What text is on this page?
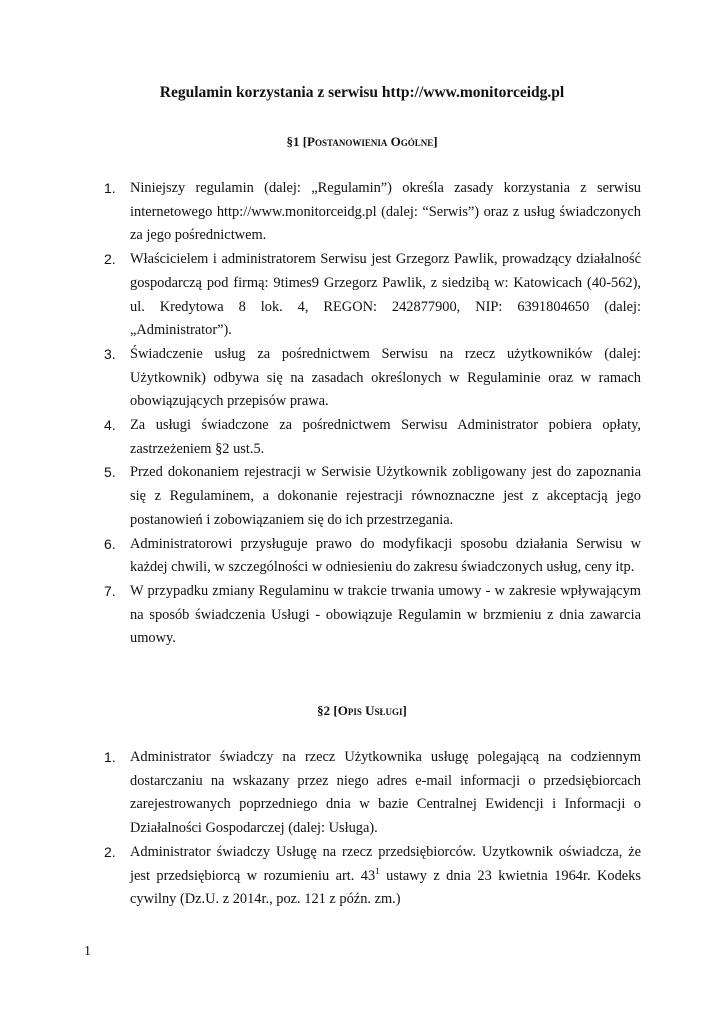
Regulamin korzystania z serwisu http://www.monitorceidg.pl
§1 [Postanowienia Ogólne]
1. Niniejszy regulamin (dalej: „Regulamin”) określa zasady korzystania z serwisu internetowego http://www.monitorceidg.pl (dalej: “Serwis”) oraz z usług świadczonych za jego pośrednictwem.
2. Właścicielem i administratorem Serwisu jest Grzegorz Pawlik, prowadzący działalność gospodarczą pod firmą: 9times9 Grzegorz Pawlik, z siedzibą w: Katowicach (40-562), ul. Kredytowa 8 lok. 4, REGON: 242877900, NIP: 6391804650 (dalej: „Administrator”).
3. Świadczenie usług za pośrednictwem Serwisu na rzecz użytkowników (dalej: Użytkownik) odbywa się na zasadach określonych w Regulaminie oraz w ramach obowiązujących przepisów prawa.
4. Za usługi świadczone za pośrednictwem Serwisu Administrator pobiera opłaty, zastrzeżeniem §2 ust.5.
5. Przed dokonaniem rejestracji w Serwisie Użytkownik zobligowany jest do zapoznania się z Regulaminem, a dokonanie rejestracji równoznaczne jest z akceptacją jego postanowień i zobowiązaniem się do ich przestrzegania.
6. Administratorowi przysługuje prawo do modyfikacji sposobu działania Serwisu w każdej chwili, w szczególności w odniesieniu do zakresu świadczonych usług, ceny itp.
7. W przypadku zmiany Regulaminu w trakcie trwania umowy - w zakresie wpływającym na sposób świadczenia Usługi - obowiązuje Regulamin w brzmieniu z dnia zawarcia umowy.
§2 [Opis Usługi]
1. Administrator świadczy na rzecz Użytkownika usługę polegającą na codziennym dostarczaniu na wskazany przez niego adres e-mail informacji o przedsiębiorcach zarejestrowanych poprzedniego dnia w bazie Centralnej Ewidencji i Informacji o Działalności Gospodarczej (dalej: Usługa).
2. Administrator świadczy Usługę na rzecz przedsiębiorców. Uzytkownik oświadcza, że jest przedsiębiorcą w rozumieniu art. $43^1$ ustawy z dnia 23 kwietnia 1964r. Kodeks cywilny (Dz.U. z 2014r., poz. 121 z późn. zm.)
1
